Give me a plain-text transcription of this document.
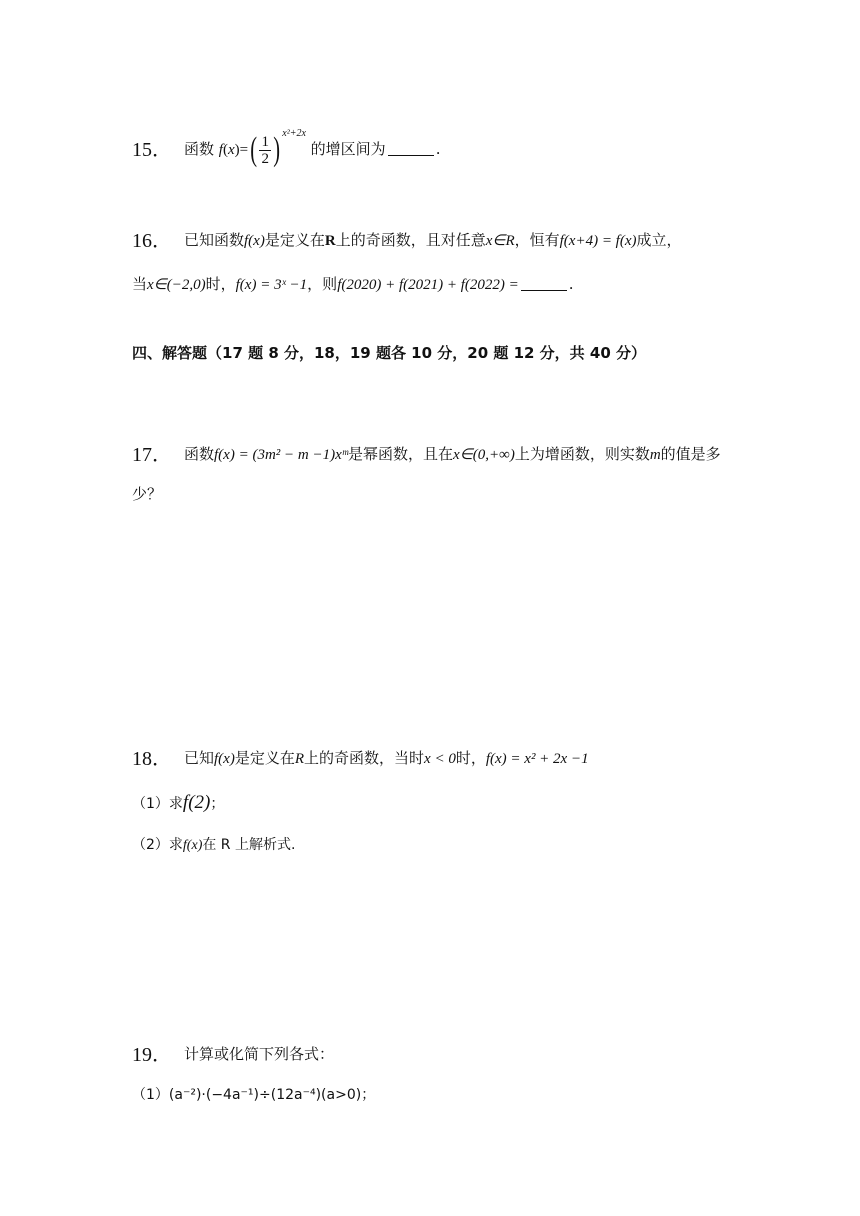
15． 函数 $f(x)=( \frac{1}{2}$ ) $^{x^2+2x}$ 的增区间为	.
16． 已知函数f(x)是定义在R上的奇函数，且对任意x∈R，恒有f(x+4) = f(x)成立，
当x∈(−2,0)时，f(x) = 3ˣ −1，则f(2020) + f(2021) + f(2022) =	.
四、解答题（17 题 8 分，18，19 题各 10 分，20 题 12 分，共 40 分）
17． 函数f(x) = (3m² − m −1)xᵐ是幂函数，且在x∈(0,+∞)上为增函数，则实数m的值是多
少？
18． 已知f(x)是定义在R上的奇函数，当时x < 0时，f(x) = x² + 2x −1
（1）求f(2)；
（2）求f(x)在 R 上解析式.
19． 计算或化简下列各式：
（1）(a⁻²)·(−4a⁻¹)÷(12a⁻⁴)(a>0)；
